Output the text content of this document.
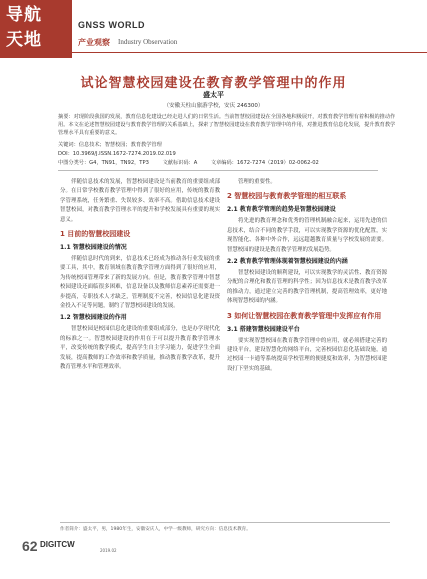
导航
天地
GNSS WORLD
产业观察 Industry Observation
试论智慧校园建设在教育教学管理中的作用
盛太平
（安徽天柱山旅游学校，安庆 246300）
摘要：对现阶段我国的发展，教育信息化建设已经走进人们的日常生活。当前智慧校园建设在全国各地积极展开，对教育教学管理有着积极的推动作用。本文在论述智慧校园建设与教育教学管理的关系基础上，探索了智慧校园建设在教育教学管理中的作用，对推进教育信息化发展，提升教育教学管理水平具有重要的意义。
关键词：信息技术；智慧校园；教育教学管理
DOI：10.3969/J.ISSN.1672-7274.2019.02.019
中图分类号：G4，TN91，TN92，TP3	文献标识码：A	文章编码：1672-7274（2019）02-0062-02
伴随信息技术的发展，智慧校园建设是当前教育的重要组成部分。在日常学校教育教学管理中得到了很好的应用，传统的教育教学管理系统，任务繁重、失误较多、效率不高。借助信息技术建设智慧校园，对教育教学管理水平的提升和学校发展具有重要的现实意义。
1 目前的智慧校园建设
1.1 智慧校园建设的情况
伴随信息时代的到来，信息技术已经成为推动各行业发展的重要工具，其中，教育领域在教育教学管理方面得到了很好的应用，为传统校园管理带来了新的发展方向。但是，教育教学管理中智慧校园建设还面临很多困难，信息设备以及教师信息素养还需要进一步提高，专职技术人才缺乏，管理制度不完善，校园信息化建设资金投入不足等问题，制约了智慧校园建设的发展。
1.2 智慧校园建设的作用
智慧校园是校园信息化建设的重要组成部分，也是办学现代化的标准之一。智慧校园建设的作用在于可以提升教育教学管理水平，改变传统的教学模式，提高学生自主学习能力，促进学生全面发展，提高教师的工作效率和教学质量，推动教育教学改革，提升教育管理水平和管理效率。
管理的重要性。
2 智慧校园与教育教学管理的相互联系
2.1 教育教学管理的趋势是智慧校园建设
将先进的教育理念和优秀的管理机制融合起来，运用先进的信息技术，结合不同的教学手段，可以实现教学资源的优化配置，实现智能化、各种中外合作，远远超越教育质量与学校发展的需要。智慧校园的建设是教育教学管理的发展趋势。
2.2 教育教学管理体现着智慧校园建设的内涵
智慧校园建设的顺利建设，可以实现教学的灵活性、教育资源分配的合理化和教育管理的科学性；因为信息技术是教育教学改革的推动力，通过建立完善的教学管理机制，提高管理效率，更好地体现智慧校园的内涵。
3 如何让智慧校园在教育教学管理中发挥应有作用
3.1 搭建智慧校园建设平台
要实现智慧校园在教育教学管理中的应用，就必须搭建完善的建设平台，建设智慧化的网络平台，完善校园信息化基础设施，通过校园一卡通等系统提高学校管理的便捷度和效率，为智慧校园建设打下坚实的基础。
作者简介：盛太平，男，1980年生，安徽安庆人，中学一级教师，研究方向：信息技术教育。
62 DIGITCW
2019.02
